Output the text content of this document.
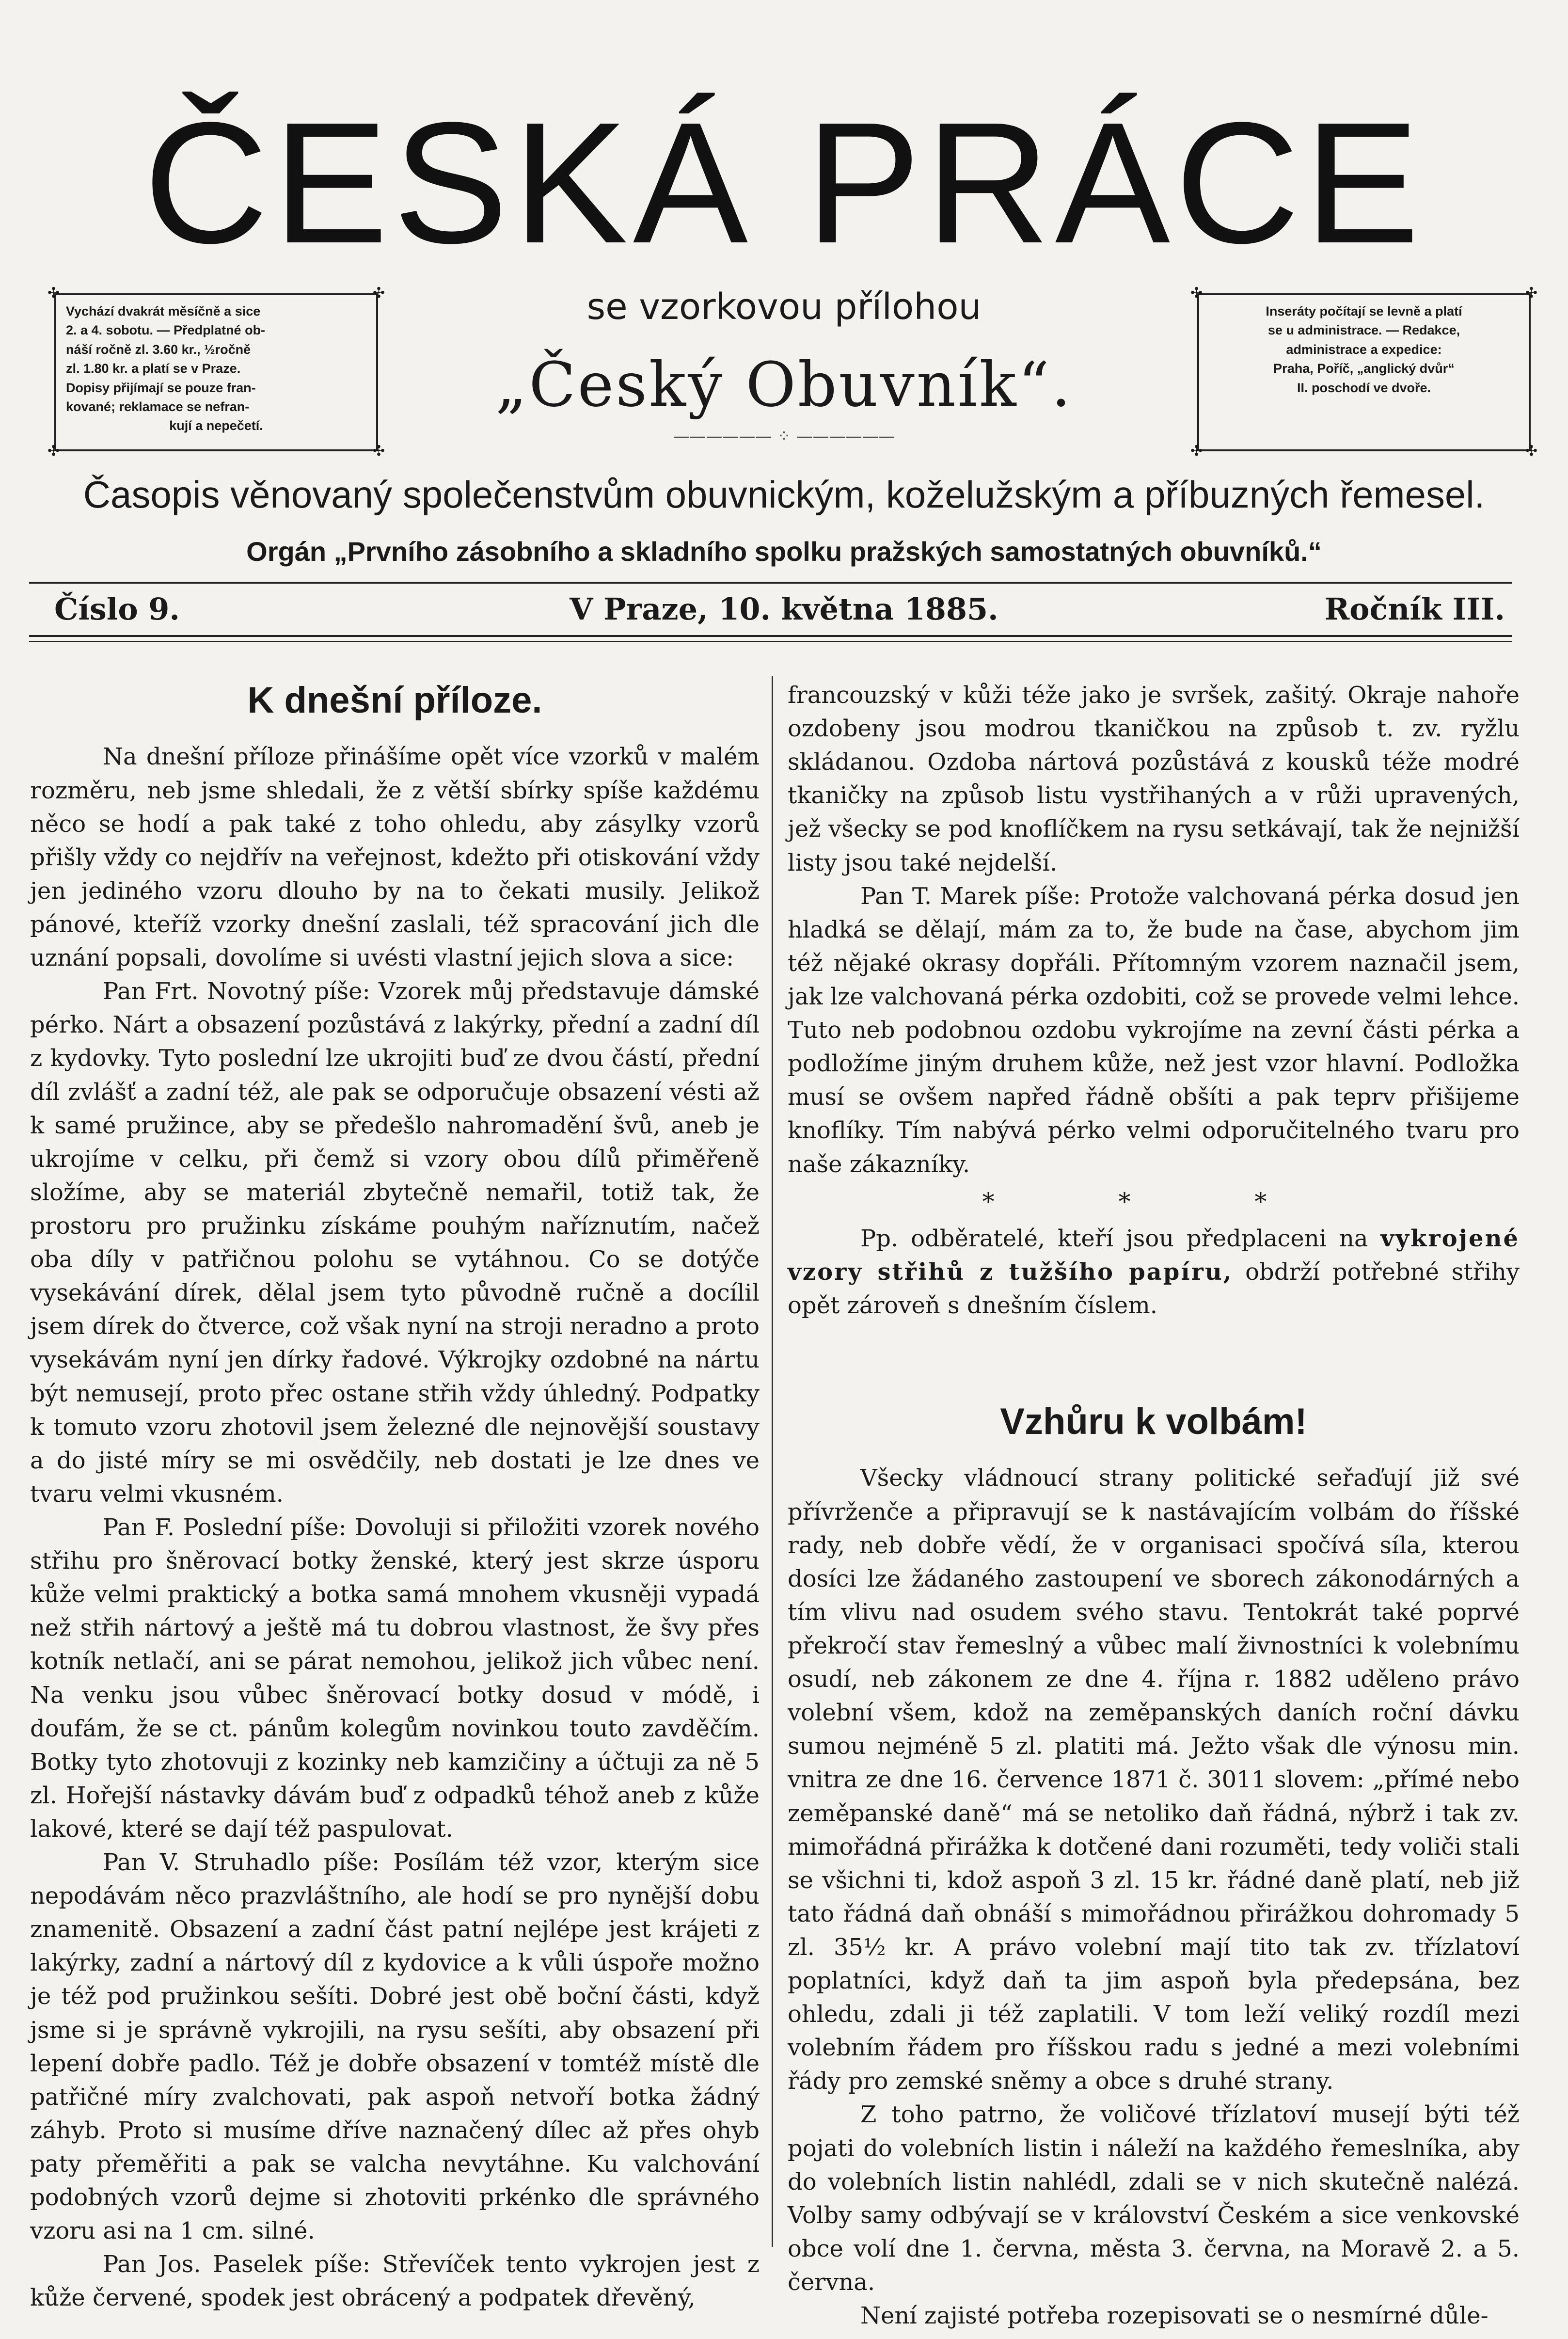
ČESKÁ PRÁCE
✣	✣
✣	✣
Vychází dvakrát měsíčně a sice
2. a 4. sobotu. — Předplatné ob-
náší ročně zl. 3.60 kr., ½ročně
zl. 1.80 kr. a platí se v Praze.
Dopisy přijímají se pouze fran-
kované; reklamace se nefran-
kují a nepečetí.
se vzorkovou přílohou
„Český Obuvník“.
—————— ⁘ ——————
✣	✣
✣	✣
Inseráty počítají se levně a platí
se u administrace. — Redakce,
administrace a expedice:
Praha, Poříč, „anglický dvůr“
II. poschodí ve dvoře.
Časopis věnovaný společenstvům obuvnickým, koželužským a příbuzných řemesel.
Orgán „Prvního zásobního a skladního spolku pražských samostatných obuvníků.“
Číslo 9.	V Praze, 10. května 1885.	Ročník III.
K dnešní příloze.

Na dnešní příloze přinášíme opět více vzorků v malém rozměru, neb jsme shledali, že z větší sbírky spíše každému něco se hodí a pak také z toho ohledu, aby zásylky vzorů přišly vždy co nejdřív na veřejnost, kdežto při otiskování vždy jen jediného vzoru dlouho by na to čekati musily. Jelikož pánové, kteříž vzorky dnešní zaslali, též spracování jich dle uznání popsali, dovolíme si uvésti vlastní jejich slova a sice:

Pan Frt. Novotný píše: Vzorek můj představuje dámské pérko. Nárt a obsazení pozůstává z lakýrky, přední a zadní díl z kydovky. Tyto poslední lze ukrojiti buď ze dvou částí, přední díl zvlášť a zadní též, ale pak se odporučuje obsazení vésti až k samé pružince, aby se předešlo nahromadění švů, aneb je ukrojíme v celku, při čemž si vzory obou dílů přiměřeně složíme, aby se materiál zbytečně nemařil, totiž tak, že prostoru pro pružinku získáme pouhým naříznutím, načež oba díly v patřičnou polohu se vytáhnou. Co se dotýče vysekávání dírek, dělal jsem tyto původně ručně a docílil jsem dírek do čtverce, což však nyní na stroji neradno a proto vysekávám nyní jen dírky řadové. Výkrojky ozdobné na nártu být nemusejí, proto přec ostane střih vždy úhledný. Podpatky k tomuto vzoru zhotovil jsem železné dle nejnovější soustavy a do jisté míry se mi osvědčily, neb dostati je lze dnes ve tvaru velmi vkusném.

Pan F. Poslední píše: Dovoluji si přiložiti vzorek nového střihu pro šněrovací botky ženské, který jest skrze úsporu kůže velmi praktický a botka samá mnohem vkusněji vypadá než střih nártový a ještě má tu dobrou vlastnost, že švy přes kotník netlačí, ani se párat nemohou, jelikož jich vůbec není. Na venku jsou vůbec šněrovací botky dosud v módě, i doufám, že se ct. pánům kolegům novinkou touto zavděčím. Botky tyto zhotovuji z kozinky neb kamzičiny a účtuji za ně 5 zl. Hořejší nástavky dávám buď z odpadků téhož aneb z kůže lakové, které se dají též paspulovat.

Pan V. Struhadlo píše: Posílám též vzor, kterým sice nepodávám něco prazvláštního, ale hodí se pro nynější dobu znamenitě. Obsazení a zadní část patní nejlépe jest krájeti z lakýrky, zadní a nártový díl z kydovice a k vůli úspoře možno je též pod pružinkou sešíti. Dobré jest obě boční části, když jsme si je správně vykrojili, na rysu sešíti, aby obsazení při lepení dobře padlo. Též je dobře obsazení v tomtéž místě dle patřičné míry zvalchovati, pak aspoň netvoří botka žádný záhyb. Proto si musíme dříve naznačený dílec až přes ohyb paty přeměřiti a pak se valcha nevytáhne. Ku valchování podobných vzorů dejme si zhotoviti prkénko dle správného vzoru asi na 1 cm. silné.

Pan Jos. Paselek píše: Střevíček tento vykrojen jest z kůže červené, spodek jest obrácený a podpatek dřevěný,

francouzský v kůži téže jako je svršek, zašitý. Okraje nahoře ozdobeny jsou modrou tkaničkou na způsob t. zv. ryžlu skládanou. Ozdoba nártová pozůstává z kousků téže modré tkaničky na způsob listu vystřihaných a v růži upravených, jež všecky se pod knoflíčkem na rysu setkávají, tak že nejnižší listy jsou také nejdelší.

Pan T. Marek píše: Protože valchovaná pérka dosud jen hladká se dělají, mám za to, že bude na čase, abychom jim též nějaké okrasy dopřáli. Přítomným vzorem naznačil jsem, jak lze valchovaná pérka ozdobiti, což se provede velmi lehce. Tuto neb podobnou ozdobu vykrojíme na zevní části pérka a podložíme jiným druhem kůže, než jest vzor hlavní. Podložka musí se ovšem napřed řádně obšíti a pak teprv přišijeme knoflíky. Tím nabývá pérko velmi odporučitelného tvaru pro naše zákazníky.

* * *

Pp. odběratelé, kteří jsou předplaceni na vykrojené vzory střihů z tužšího papíru, obdrží potřebné střihy opět zároveň s dnešním číslem.

Vzhůru k volbám!

Všecky vládnoucí strany politické seřaďují již své přívrženče a připravují se k nastávajícím volbám do říšské rady, neb dobře vědí, že v organisaci spočívá síla, kterou dosíci lze žádaného zastoupení ve sborech zákonodárných a tím vlivu nad osudem svého stavu. Tentokrát také poprvé překročí stav řemeslný a vůbec malí živnostníci k volebnímu osudí, neb zákonem ze dne 4. října r. 1882 uděleno právo volební všem, kdož na zeměpanských daních roční dávku sumou nejméně 5 zl. platiti má. Ježto však dle výnosu min. vnitra ze dne 16. července 1871 č. 3011 slovem: „přímé nebo zeměpanské daně“ má se netoliko daň řádná, nýbrž i tak zv. mimořádná přirážka k dotčené dani rozuměti, tedy voliči stali se všichni ti, kdož aspoň 3 zl. 15 kr. řádné daně platí, neb již tato řádná daň obnáší s mimořádnou přirážkou dohromady 5 zl. 35½ kr. A právo volební mají tito tak zv. třízlatoví poplatníci, když daň ta jim aspoň byla předepsána, bez ohledu, zdali ji též zaplatili. V tom leží veliký rozdíl mezi volebním řádem pro říšskou radu s jedné a mezi volebními řády pro zemské sněmy a obce s druhé strany.

Z toho patrno, že voličové třízlatoví musejí býti též pojati do volebních listin i náleží na každého řemeslníka, aby do volebních listin nahlédl, zdali se v nich skutečně nalézá. Volby samy odbývají se v království Českém a sice venkovské obce volí dne 1. června, města 3. června, na Moravě 2. a 5. června.

Není zajisté potřeba rozepisovati se o nesmírné důle-
